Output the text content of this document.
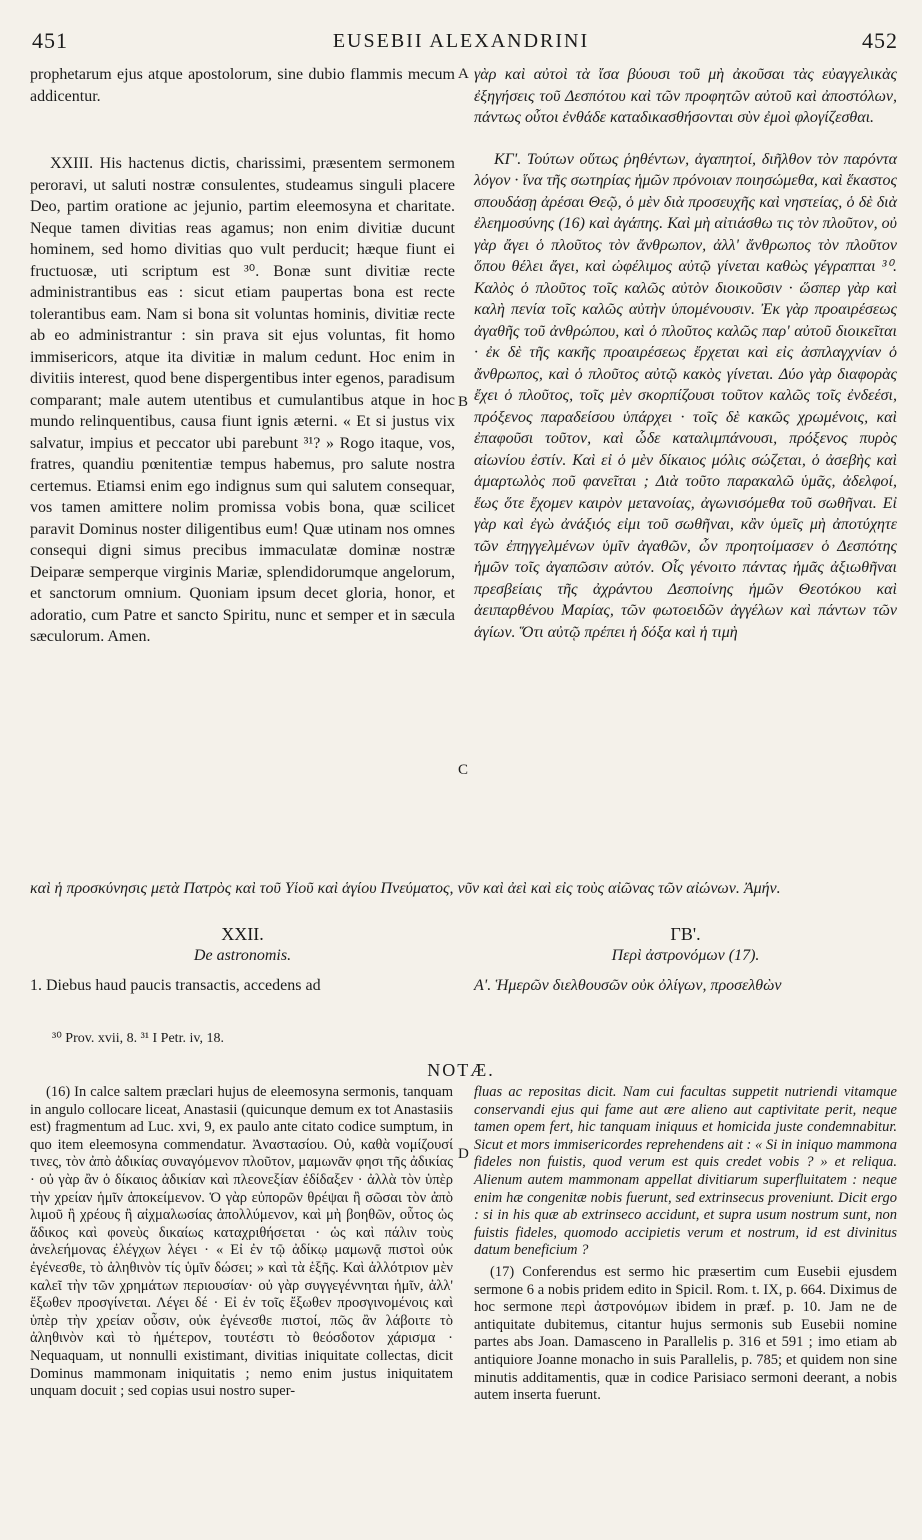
451	EUSEBII ALEXANDRINI	452

prophetarum ejus atque apostolorum, sine dubio flammis mecum addicentur.

XXIII. His hactenus dictis, charissimi, præsentem sermonem peroravi, ut saluti nostræ consulentes, studeamus singuli placere Deo, partim oratione ac jejunio, partim eleemosyna et charitate. Neque tamen divitias reas agamus; non enim divitiæ ducunt hominem, sed homo divitias quo vult perducit; hæque fiunt ei fructuosæ, uti scriptum est ³⁰. Bonæ sunt divitiæ recte administrantibus eas : sicut etiam paupertas bona est recte tolerantibus eam. Nam si bona sit voluntas hominis, divitiæ recte ab eo administrantur : sin prava sit ejus voluntas, fit homo immisericors, atque ita divitiæ in malum cedunt. Hoc enim in divitiis interest, quod bene dispergentibus inter egenos, paradisum comparant; male autem utentibus et cumulantibus atque in hoc mundo relinquentibus, causa fiunt ignis æterni. « Et si justus vix salvatur, impius et peccator ubi parebunt ³¹? » Rogo itaque, vos, fratres, quandiu pœnitentiæ tempus habemus, pro salute nostra certemus. Etiamsi enim ego indignus sum qui salutem consequar, vos tamen amittere nolim promissa vobis bona, quæ scilicet paravit Dominus noster diligentibus eum! Quæ utinam nos omnes consequi digni simus precibus immaculatæ dominæ nostræ Deiparæ semperque virginis Mariæ, splendidorumque angelorum, et sanctorum omnium. Quoniam ipsum decet gloria, honor, et adoratio, cum Patre et sancto Spiritu, nunc et semper et in sæcula sæculorum. Amen.

γὰρ καὶ αὐτοὶ τὰ ἴσα βύουσι τοῦ μὴ ἀκοῦσαι τὰς εὐαγγελικὰς ἐξηγήσεις τοῦ Δεσπότου καὶ τῶν προφητῶν αὐτοῦ καὶ ἀποστόλων, πάντως οὗτοι ἐνθάδε καταδικασθήσονται σὺν ἐμοὶ φλογίζεσθαι.

ΚΓ'. Τούτων οὕτως ῥηθέντων, ἀγαπητοί, διῆλθον τὸν παρόντα λόγον · ἵνα τῆς σωτηρίας ἡμῶν πρόνοιαν ποιησώμεθα, καὶ ἕκαστος σπουδάσῃ ἀρέσαι Θεῷ, ὁ μὲν διὰ προσευχῆς καὶ νηστείας, ὁ δὲ διὰ ἐλεημοσύνης (16) καὶ ἀγάπης. Καὶ μὴ αἰτιάσθω τις τὸν πλοῦτον, οὐ γὰρ ἄγει ὁ πλοῦτος τὸν ἄνθρωπον, ἀλλ' ἄνθρωπος τὸν πλοῦτον ὅπου θέλει ἄγει, καὶ ὠφέλιμος αὐτῷ γίνεται καθὼς γέγραπται ³⁰. Καλὸς ὁ πλοῦτος τοῖς καλῶς αὐτὸν διοικοῦσιν · ὥσπερ γὰρ καὶ καλὴ πενία τοῖς καλῶς αὐτὴν ὑπομένουσιν. Ἐκ γὰρ προαιρέσεως ἀγαθῆς τοῦ ἀνθρώπου, καὶ ὁ πλοῦτος καλῶς παρ' αὐτοῦ διοικεῖται · ἐκ δὲ τῆς κακῆς προαιρέσεως ἔρχεται καὶ εἰς ἀσπλαγχνίαν ὁ ἄνθρωπος, καὶ ὁ πλοῦτος αὐτῷ κακὸς γίνεται. Δύο γὰρ διαφορὰς ἔχει ὁ πλοῦτος, τοῖς μὲν σκορπίζουσι τοῦτον καλῶς τοῖς ἐνδεέσι, πρόξενος παραδείσου ὑπάρχει · τοῖς δὲ κακῶς χρωμένοις, καὶ ἐπαφοῦσι τοῦτον, καὶ ὧδε καταλιμπάνουσι, πρόξενος πυρὸς αἰωνίου ἐστίν. Καὶ εἰ ὁ μὲν δίκαιος μόλις σώζεται, ὁ ἀσεβὴς καὶ ἁμαρτωλὸς ποῦ φανεῖται ; Διὰ τοῦτο παρακαλῶ ὑμᾶς, ἀδελφοί, ἕως ὅτε ἔχομεν καιρὸν μετανοίας, ἀγωνισόμεθα τοῦ σωθῆναι. Εἰ γὰρ καὶ ἐγὼ ἀνάξιός εἰμι τοῦ σωθῆναι, κἂν ὑμεῖς μὴ ἀποτύχητε τῶν ἐπηγγελμένων ὑμῖν ἀγαθῶν, ὧν προητοίμασεν ὁ Δεσπότης ἡμῶν τοῖς ἀγαπῶσιν αὐτόν. Οἷς γένοιτο πάντας ἡμᾶς ἀξιωθῆναι πρεσβείαις τῆς ἀχράντου Δεσποίνης ἡμῶν Θεοτόκου καὶ ἀειπαρθένου Μαρίας, τῶν φωτοειδῶν ἀγγέλων καὶ πάντων τῶν ἁγίων. Ὅτι αὐτῷ πρέπει ἡ δόξα καὶ ἡ τιμὴ

A
B
C
D
καὶ ἡ προσκύνησις μετὰ Πατρὸς καὶ τοῦ Υἱοῦ καὶ ἁγίου Πνεύματος, νῦν καὶ ἀεὶ καὶ εἰς τοὺς αἰῶνας τῶν αἰώνων. Ἀμήν.
XXII.
De astronomis.
ΓΒ'.
Περὶ ἀστρονόμων (17).
1. Diebus haud paucis transactis, accedens ad	Α'. Ἡμερῶν διελθουσῶν οὐκ ὀλίγων, προσελθὼν
³⁰ Prov. xvii, 8. ³¹ I Petr. iv, 18.
NOTÆ.

(16) In calce saltem præclari hujus de eleemosyna sermonis, tanquam in angulo collocare liceat, Anastasii (quicunque demum ex tot Anastasiis est) fragmentum ad Luc. xvi, 9, ex paulo ante citato codice sumptum, in quo item eleemosyna commendatur. Ἀναστασίου. Οὐ, καθὰ νομίζουσί τινες, τὸν ἀπὸ ἀδικίας συναγόμενον πλοῦτον, μαμωνᾶν φησι τῆς ἀδικίας · οὐ γὰρ ἂν ὁ δίκαιος ἀδικίαν καὶ πλεονεξίαν ἐδίδαξεν · ἀλλὰ τὸν ὑπὲρ τὴν χρείαν ἡμῖν ἀποκείμενον. Ὁ γὰρ εὐπορῶν θρέψαι ἢ σῶσαι τὸν ἀπὸ λιμοῦ ἢ χρέους ἢ αἰχμαλωσίας ἀπολλύμενον, καὶ μὴ βοηθῶν, οὗτος ὡς ἄδικος καὶ φονεὺς δικαίως καταχριθήσεται · ὡς καὶ πάλιν τοὺς ἀνελεήμονας ἐλέγχων λέγει · « Εἰ ἐν τῷ ἀδίκῳ μαμωνᾷ πιστοὶ οὐκ ἐγένεσθε, τὸ ἀληθινὸν τίς ὑμῖν δώσει; » καὶ τὰ ἑξῆς. Καὶ ἀλλότριον μὲν καλεῖ τὴν τῶν χρημάτων περιουσίαν· οὐ γὰρ συγγεγέννηται ἡμῖν, ἀλλ' ἔξωθεν προσγίνεται. Λέγει δέ · Εἰ ἐν τοῖς ἔξωθεν προσγινομένοις καὶ ὑπὲρ τὴν χρείαν οὖσιν, οὐκ ἐγένεσθε πιστοί, πῶς ἂν λάβοιτε τὸ ἀληθινὸν καὶ τὸ ἡμέτερον, τουτέστι τὸ θεόσδοτον χάρισμα · Nequaquam, ut nonnulli existimant, divitias iniquitate collectas, dicit Dominus mammonam iniquitatis ; nemo enim justus iniquitatem unquam docuit ; sed copias usui nostro super-

fluas ac repositas dicit. Nam cui facultas suppetit nutriendi vitamque conservandi ejus qui fame aut ære alieno aut captivitate perit, neque tamen opem fert, hic tanquam iniquus et homicida juste condemnabitur. Sicut et mors immisericordes reprehendens ait : « Si in iniquo mammona fideles non fuistis, quod verum est quis credet vobis ? » et reliqua. Alienum autem mammonam appellat divitiarum superfluitatem : neque enim hæ congenitæ nobis fuerunt, sed extrinsecus proveniunt. Dicit ergo : si in his quæ ab extrinseco accidunt, et supra usum nostrum sunt, non fuistis fideles, quomodo accipietis verum et nostrum, id est divinitus datum beneficium ?

(17) Conferendus est sermo hic præsertim cum Eusebii ejusdem sermone 6 a nobis pridem edito in Spicil. Rom. t. IX, p. 664. Diximus de hoc sermone περὶ ἀστρονόμων ibidem in præf. p. 10. Jam ne de antiquitate dubitemus, citantur hujus sermonis sub Eusebii nomine partes abs Joan. Damasceno in Parallelis p. 316 et 591 ; imo etiam ab antiquiore Joanne monacho in suis Parallelis, p. 785; et quidem non sine minutis additamentis, quæ in codice Parisiaco sermoni deerant, a nobis autem inserta fuerunt.
